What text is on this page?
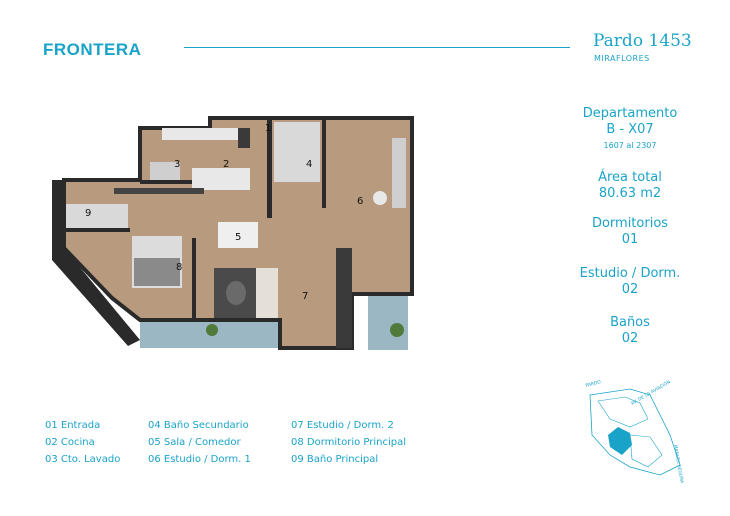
FRONTERA	Pardo 1453
MIRAFLORES
Departamento
B - X07
1607 al 2307
Área total
80.63 m2
Dormitorios
01
Estudio / Dorm.
02
Baños
02
1
2
3	4
5
6
7
8
9
01 Entrada
02 Cocina
03 Cto. Lavado
04 Baño Secundario
05 Sala / Comedor
06 Estudio / Dorm. 1
07 Estudio / Dorm. 2
08 Dormitorio Principal
09 Baño Principal
PARDO	AV. DE LA AVIACIÓN
MANUEL SEGURA
